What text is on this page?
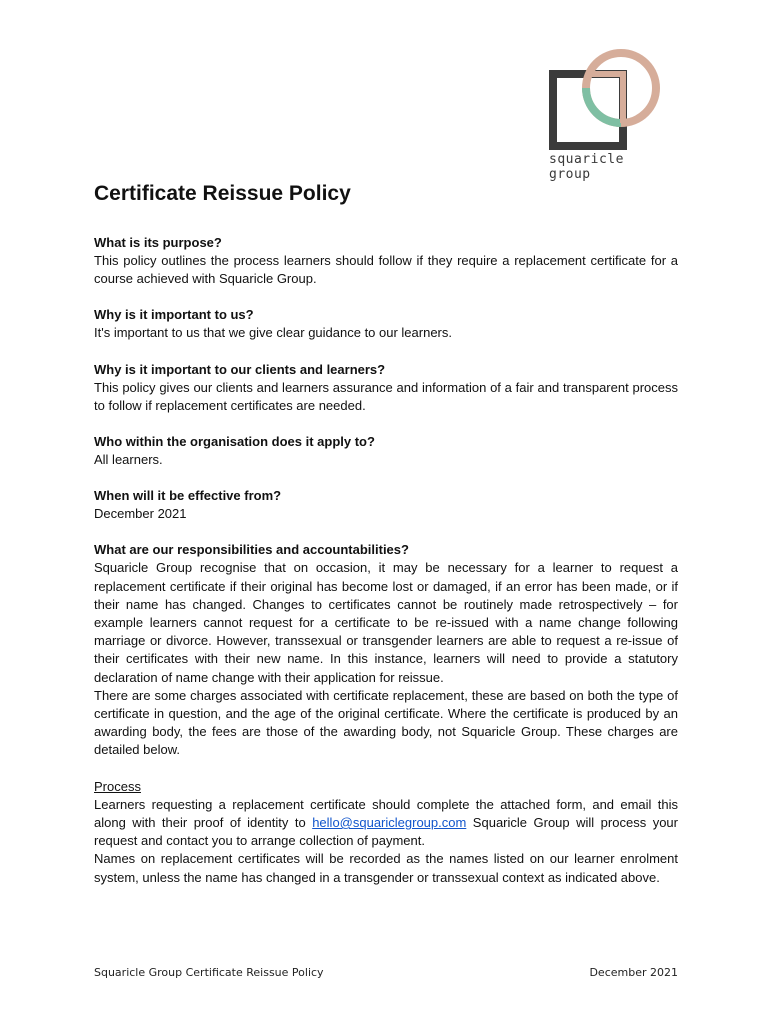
squaricle
group
Certificate Reissue Policy
What is its purpose?
This policy outlines the process learners should follow if they require a replacement certificate for a course achieved with Squaricle Group.
Why is it important to us?
It's important to us that we give clear guidance to our learners.
Why is it important to our clients and learners?
This policy gives our clients and learners assurance and information of a fair and transparent process to follow if replacement certificates are needed.
Who within the organisation does it apply to?
All learners.
When will it be effective from?
December 2021
What are our responsibilities and accountabilities?
Squaricle Group recognise that on occasion, it may be necessary for a learner to request a replacement certificate if their original has become lost or damaged, if an error has been made, or if their name has changed. Changes to certificates cannot be routinely made retrospectively – for example learners cannot request for a certificate to be re-issued with a name change following marriage or divorce. However, transsexual or transgender learners are able to request a re-issue of their certificates with their new name. In this instance, learners will need to provide a statutory declaration of name change with their application for reissue.
There are some charges associated with certificate replacement, these are based on both the type of certificate in question, and the age of the original certificate. Where the certificate is produced by an awarding body, the fees are those of the awarding body, not Squaricle Group. These charges are detailed below.
Process
Learners requesting a replacement certificate should complete the attached form, and email this along with their proof of identity to hello@squariclegroup.com Squaricle Group will process your request and contact you to arrange collection of payment.
Names on replacement certificates will be recorded as the names listed on our learner enrolment system, unless the name has changed in a transgender or transsexual context as indicated above.
Squaricle Group Certificate Reissue Policy	December 2021
